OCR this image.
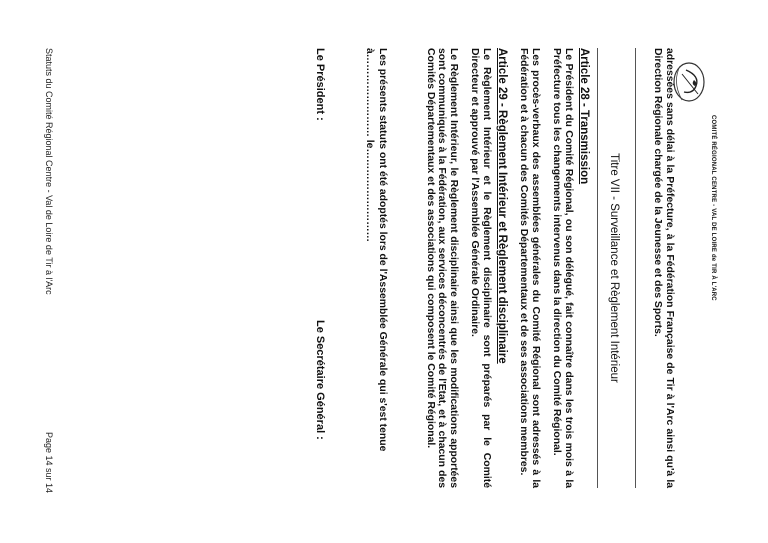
COMITÉ RÉGIONAL CENTRE - VAL DE LOIRE de TIR À L'ARC

adressées sans délai à la Préfecture, à la Fédération Française de Tir à l'Arc ainsi qu'à la Direction Régionale chargée de la Jeunesse et des Sports.

Titre VII - Surveillance et Règlement Intérieur
Article 28 - Transmission

Le Président du Comité Régional, ou son délégué, fait connaître dans les trois mois à la Préfecture tous les changements intervenus dans la direction du Comité Régional.

Les procès-verbaux des assemblées générales du Comité Régional sont adressés à la Fédération et à chacun des Comités Départementaux et de ses associations membres.

Article 29 - Règlement Intérieur et Règlement disciplinaire

Le Règlement Intérieur et le Règlement disciplinaire sont préparés par le Comité Directeur et approuvé par l'Assemblée Générale Ordinaire.

Le Règlement Intérieur, le Règlement disciplinaire ainsi que les modifications apportées sont communiqués à la Fédération, aux services déconcentrés de l'Etat, et à chacun des Comités Départementaux et des associations qui composent le Comité Régional.

Les présents statuts ont été adoptés lors de l'Assemblée Générale qui s'est tenue
à…………………… le………………………
Le Président :
Le Secrétaire Général :
Statuts du Comité Régional Centre - Val de Loire de Tir à l'Arc
Page 14 sur 14
